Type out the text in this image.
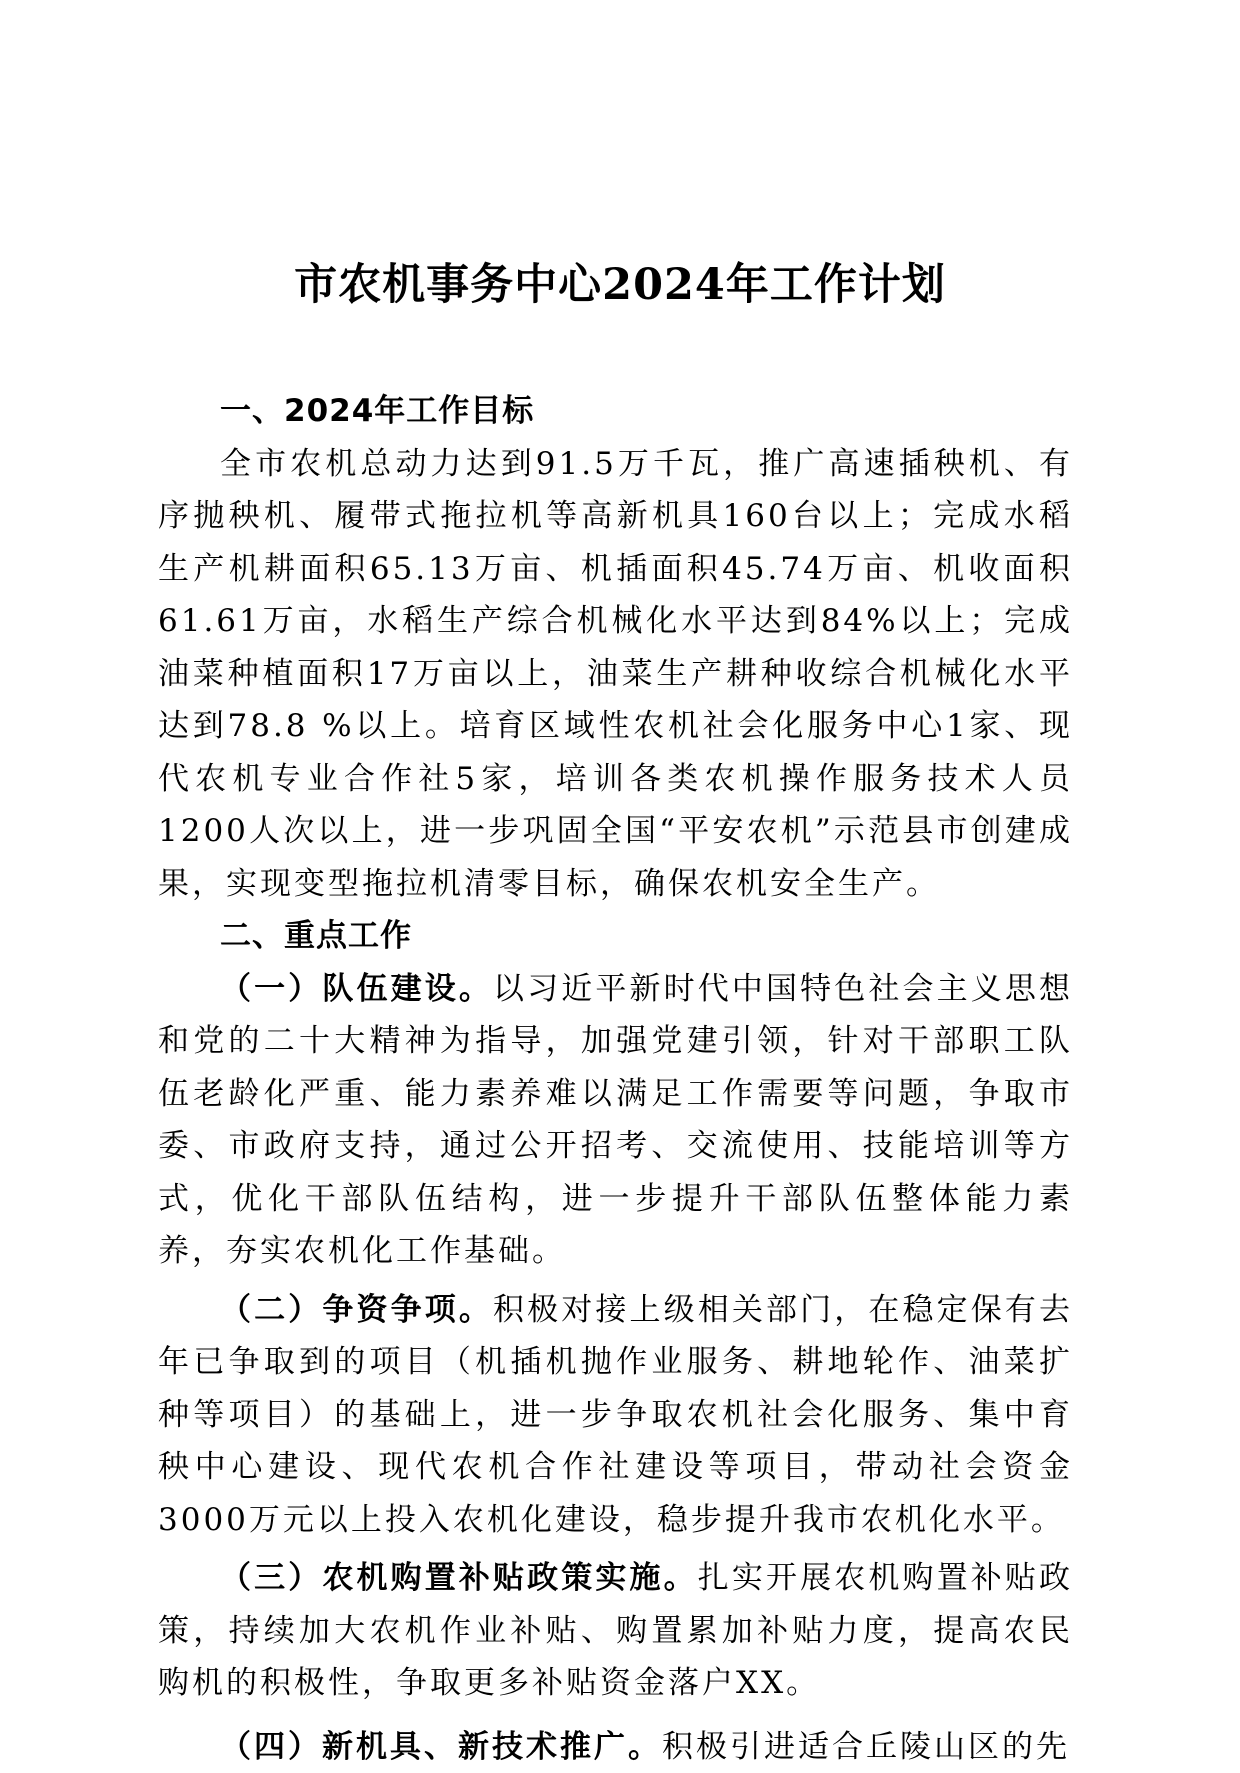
市农机事务中心2024年工作计划

一、2024年工作目标

全市农机总动力达到91.5万千瓦，推广高速插秧机、有序抛秧机、履带式拖拉机等高新机具160台以上；完成水稻生产机耕面积65.13万亩、机插面积45.74万亩、机收面积61.61万亩，水稻生产综合机械化水平达到84%以上；完成油菜种植面积17万亩以上，油菜生产耕种收综合机械化水平达到78.8 %以上。培育区域性农机社会化服务中心1家、现代农机专业合作社5家，培训各类农机操作服务技术人员1200人次以上，进一步巩固全国“平安农机”示范县市创建成果，实现变型拖拉机清零目标，确保农机安全生产。

二、重点工作

（一）队伍建设。以习近平新时代中国特色社会主义思想和党的二十大精神为指导，加强党建引领，针对干部职工队伍老龄化严重、能力素养难以满足工作需要等问题，争取市委、市政府支持，通过公开招考、交流使用、技能培训等方式，优化干部队伍结构，进一步提升干部队伍整体能力素养，夯实农机化工作基础。

（二）争资争项。积极对接上级相关部门，在稳定保有去年已争取到的项目（机插机抛作业服务、耕地轮作、油菜扩种等项目）的基础上，进一步争取农机社会化服务、集中育秧中心建设、现代农机合作社建设等项目，带动社会资金3000万元以上投入农机化建设，稳步提升我市农机化水平。

（三）农机购置补贴政策实施。扎实开展农机购置补贴政策，持续加大农机作业补贴、购置累加补贴力度，提高农民购机的积极性，争取更多补贴资金落户XX。

（四）新机具、新技术推广。积极引进适合丘陵山区的先
